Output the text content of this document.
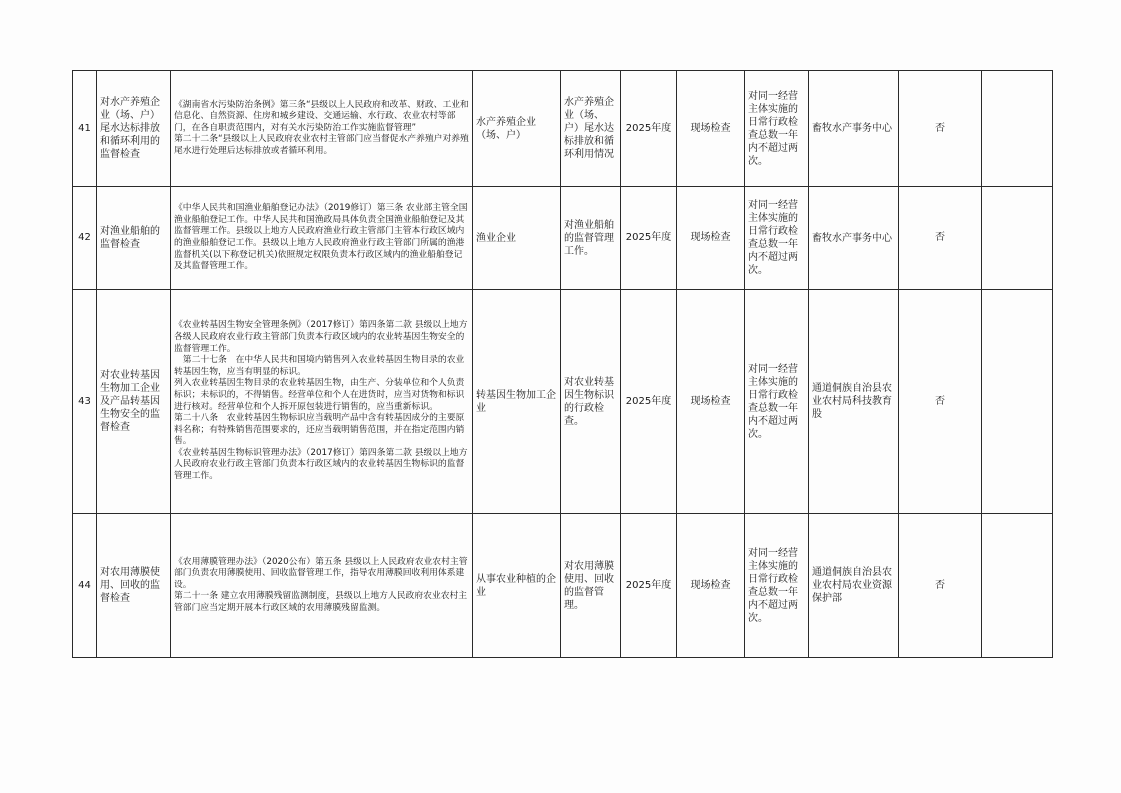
41	对水产养殖企业（场、户）尾水达标排放和循环利用的监督检查	《湖南省水污染防治条例》第三条“县级以上人民政府和改革、财政、工业和信息化、自然资源、住房和城乡建设、交通运输、水行政、农业农村等部门，在各自职责范围内，对有关水污染防治工作实施监督管理”

第二十二条“县级以上人民政府农业农村主管部门应当督促水产养殖户对养殖尾水进行处理后达标排放或者循环利用。	水产养殖企业（场、户）	水产养殖企业（场、户）尾水达标排放和循环利用情况	2025年度	现场检查	对同一经营主体实施的日常行政检查总数一年内不超过两次。	畜牧水产事务中心	否	
42	对渔业船舶的监督检查	《中华人民共和国渔业船舶登记办法》（2019修订）第三条 农业部主管全国渔业船舶登记工作。中华人民共和国渔政局具体负责全国渔业船舶登记及其监督管理工作。县级以上地方人民政府渔业行政主管部门主管本行政区域内的渔业船舶登记工作。县级以上地方人民政府渔业行政主管部门所属的渔港监督机关(以下称登记机关)依照规定权限负责本行政区域内的渔业船舶登记及其监督管理工作。	渔业企业	对渔业船舶的监督管理工作。	2025年度	现场检查	对同一经营主体实施的日常行政检查总数一年内不超过两次。	畜牧水产事务中心	否	
43	对农业转基因生物加工企业及产品转基因生物安全的监督检查	《农业转基因生物安全管理条例》（2017修订）第四条第二款 县级以上地方各级人民政府农业行政主管部门负责本行政区域内的农业转基因生物安全的监督管理工作。

　第二十七条　在中华人民共和国境内销售列入农业转基因生物目录的农业转基因生物，应当有明显的标识。

列入农业转基因生物目录的农业转基因生物，由生产、分装单位和个人负责标识；未标识的，不得销售。经营单位和个人在进货时，应当对货物和标识进行核对。经营单位和个人拆开原包装进行销售的，应当重新标识。

第二十八条　农业转基因生物标识应当载明产品中含有转基因成分的主要原料名称；有特殊销售范围要求的，还应当载明销售范围，并在指定范围内销售。

《农业转基因生物标识管理办法》（2017修订）第四条第二款 县级以上地方人民政府农业行政主管部门负责本行政区域内的农业转基因生物标识的监督管理工作。	转基因生物加工企业	对农业转基因生物标识的行政检查。	2025年度	现场检查	对同一经营主体实施的日常行政检查总数一年内不超过两次。	通道侗族自治县农业农村局科技教育股	否	
44	对农用薄膜使用、回收的监督检查	《农用薄膜管理办法》（2020公布）第五条 县级以上人民政府农业农村主管部门负责农用薄膜使用、回收监督管理工作，指导农用薄膜回收利用体系建设。

第二十一条 建立农用薄膜残留监测制度，县级以上地方人民政府农业农村主管部门应当定期开展本行政区域的农用薄膜残留监测。	从事农业种植的企业	对农用薄膜使用、回收的监督管理。	2025年度	现场检查	对同一经营主体实施的日常行政检查总数一年内不超过两次。	通道侗族自治县农业农村局农业资源保护部	否	
